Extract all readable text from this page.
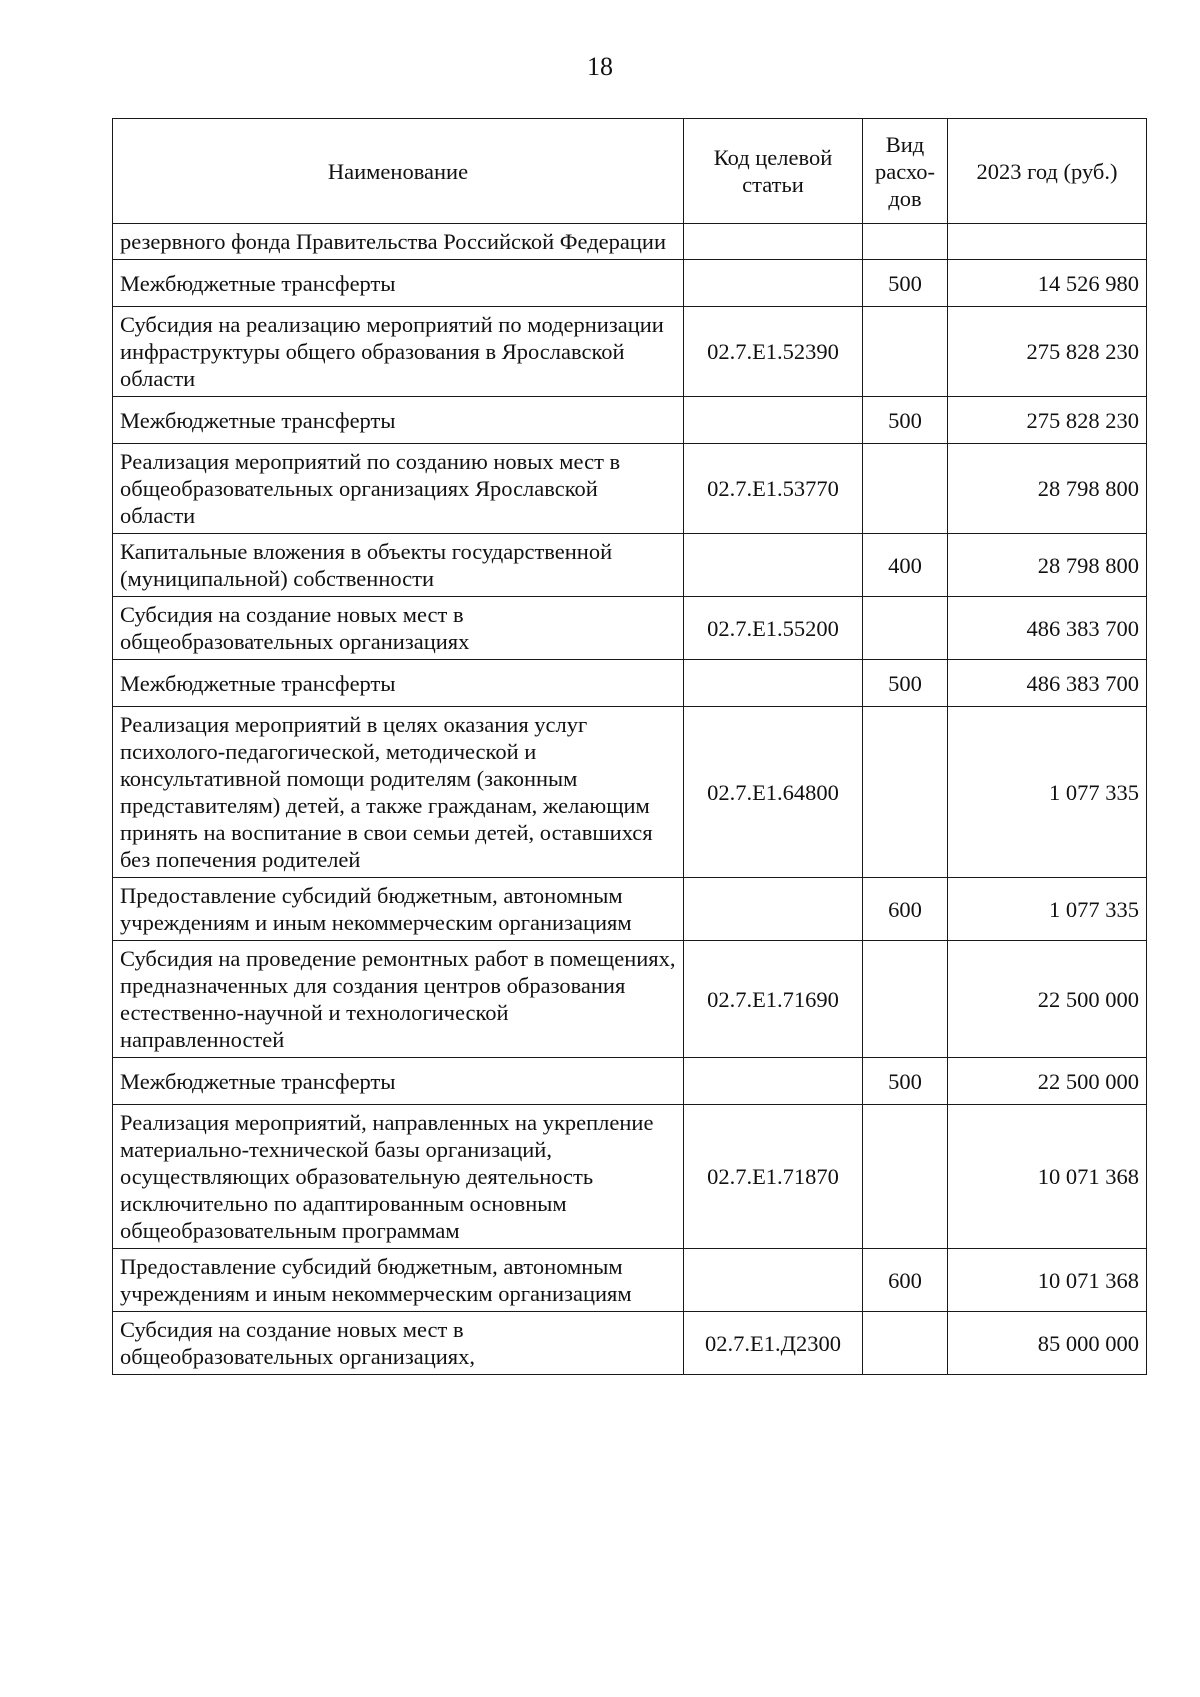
18
Наименование	Код целевой статьи	Вид расхо-дов	2023 год (руб.)
резервного фонда Правительства Российской Федерации			
Межбюджетные трансферты		500	14 526 980
Субсидия на реализацию мероприятий по модернизации инфраструктуры общего образования в Ярославской области	02.7.Е1.52390		275 828 230
Межбюджетные трансферты		500	275 828 230
Реализация мероприятий по созданию новых мест в общеобразовательных организациях Ярославской области	02.7.Е1.53770		28 798 800
Капитальные вложения в объекты государственной (муниципальной) собственности		400	28 798 800
Субсидия на создание новых мест в общеобразовательных организациях	02.7.Е1.55200		486 383 700
Межбюджетные трансферты		500	486 383 700
Реализация мероприятий в целях оказания услуг психолого-педагогической, методической и консультативной помощи родителям (законным представителям) детей, а также гражданам, желающим принять на воспитание в свои семьи детей, оставшихся без попечения родителей	02.7.Е1.64800		1 077 335
Предоставление субсидий бюджетным, автономным учреждениям и иным некоммерческим организациям		600	1 077 335
Субсидия на проведение ремонтных работ в помещениях, предназначенных для создания центров образования естественно-научной и технологической направленностей	02.7.Е1.71690		22 500 000
Межбюджетные трансферты		500	22 500 000
Реализация мероприятий, направленных на укрепление материально-технической базы организаций, осуществляющих образовательную деятельность исключительно по адаптированным основным общеобразовательным программам	02.7.Е1.71870		10 071 368
Предоставление субсидий бюджетным, автономным учреждениям и иным некоммерческим организациям		600	10 071 368
Субсидия на создание новых мест в общеобразовательных организациях,	02.7.Е1.Д2300		85 000 000
